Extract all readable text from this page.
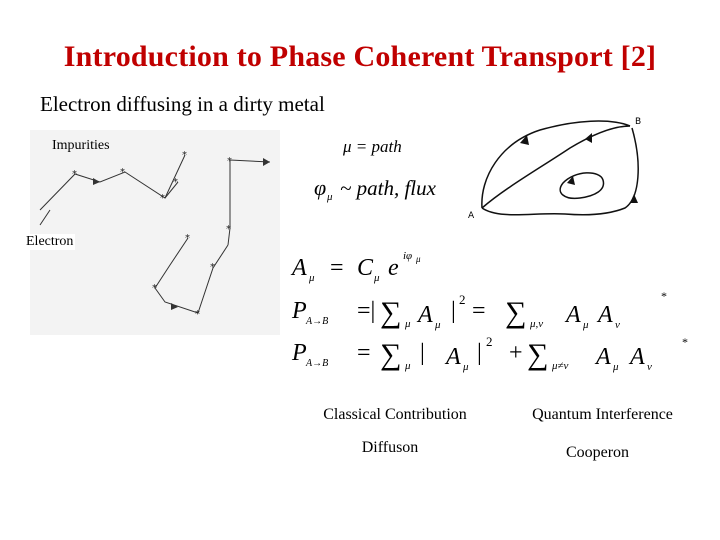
Introduction to Phase Coherent Transport [2]
Electron diffusing in a dirty metal
*	*
*
*
*
*
*
*
*
*
*
Impurities
Electron
μ = path
φ μ ~ path, flux
A μ = C μ e iφ μ
P A→B =| ∑ μ A μ
| 2 = ∑ μ,ν A μ A ν
*
P A→B = ∑ μ | A μ
| 2 + ∑ μ≠ν A μ A ν
*
A
B
Classical Contribution	Quantum Interference
Diffuson	Cooperon
